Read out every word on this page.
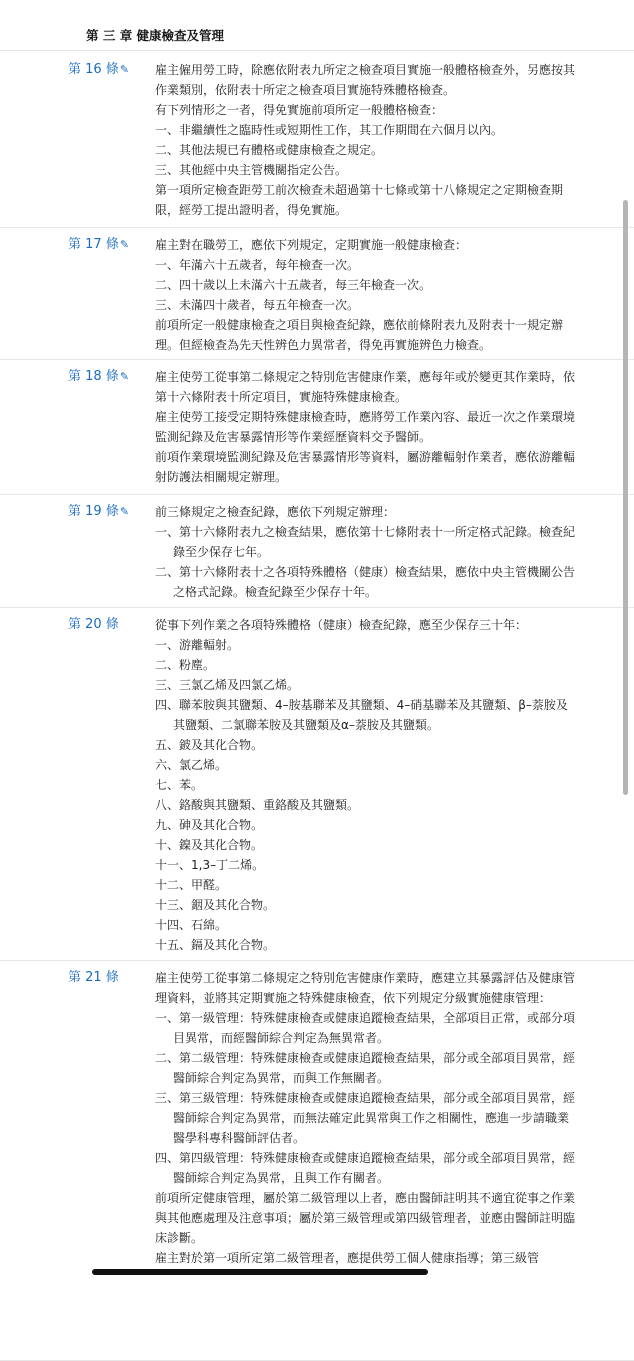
第 三 章 健康檢查及管理
第 16 條✎ 雇主僱用勞工時，除應依附表九所定之檢查項目實施一般體格檢查外，另應按其作業類別，依附表十所定之檢查項目實施特殊體格檢查。

有下列情形之一者，得免實施前項所定一般體格檢查：

一、非繼續性之臨時性或短期性工作，其工作期間在六個月以內。

二、其他法規已有體格或健康檢查之規定。

三、其他經中央主管機關指定公告。

第一項所定檢查距勞工前次檢查未超過第十七條或第十八條規定之定期檢查期限，經勞工提出證明者，得免實施。

第 17 條✎ 雇主對在職勞工，應依下列規定，定期實施一般健康檢查：

一、年滿六十五歲者，每年檢查一次。

二、四十歲以上未滿六十五歲者，每三年檢查一次。

三、未滿四十歲者，每五年檢查一次。

前項所定一般健康檢查之項目與檢查紀錄，應依前條附表九及附表十一規定辦理。但經檢查為先天性辨色力異常者，得免再實施辨色力檢查。

第 18 條✎ 雇主使勞工從事第二條規定之特別危害健康作業，應每年或於變更其作業時，依第十六條附表十所定項目，實施特殊健康檢查。

雇主使勞工接受定期特殊健康檢查時，應將勞工作業內容、最近一次之作業環境監測紀錄及危害暴露情形等作業經歷資料交予醫師。

前項作業環境監測紀錄及危害暴露情形等資料，屬游離輻射作業者，應依游離輻射防護法相關規定辦理。

第 19 條✎ 前三條規定之檢查紀錄，應依下列規定辦理：

一、第十六條附表九之檢查結果，應依第十七條附表十一所定格式記錄。檢查紀錄至少保存七年。

二、第十六條附表十之各項特殊體格（健康）檢查結果，應依中央主管機關公告之格式記錄。檢查紀錄至少保存十年。

第 20 條	從事下列作業之各項特殊體格（健康）檢查紀錄，應至少保存三十年：

一、游離輻射。

二、粉塵。

三、三氯乙烯及四氯乙烯。

四、聯苯胺與其鹽類、4–胺基聯苯及其鹽類、4–硝基聯苯及其鹽類、β–萘胺及其鹽類、二氯聯苯胺及其鹽類及α–萘胺及其鹽類。

五、鈹及其化合物。

六、氯乙烯。

七、苯。

八、鉻酸與其鹽類、重鉻酸及其鹽類。

九、砷及其化合物。

十、鎳及其化合物。

十一、1,3–丁二烯。

十二、甲醛。

十三、銦及其化合物。

十四、石綿。

十五、鎘及其化合物。

第 21 條	雇主使勞工從事第二條規定之特別危害健康作業時，應建立其暴露評估及健康管理資料，並將其定期實施之特殊健康檢查，依下列規定分級實施健康管理：

一、第一級管理：特殊健康檢查或健康追蹤檢查結果，全部項目正常，或部分項目異常，而經醫師綜合判定為無異常者。

二、第二級管理：特殊健康檢查或健康追蹤檢查結果，部分或全部項目異常，經醫師綜合判定為異常，而與工作無關者。

三、第三級管理：特殊健康檢查或健康追蹤檢查結果，部分或全部項目異常，經醫師綜合判定為異常，而無法確定此異常與工作之相關性，應進一步請職業醫學科專科醫師評估者。

四、第四級管理：特殊健康檢查或健康追蹤檢查結果，部分或全部項目異常，經醫師綜合判定為異常，且與工作有關者。

前項所定健康管理，屬於第二級管理以上者，應由醫師註明其不適宜從事之作業與其他應處理及注意事項；屬於第三級管理或第四級管理者，並應由醫師註明臨床診斷。

雇主對於第一項所定第二級管理者，應提供勞工個人健康指導；第三級管
